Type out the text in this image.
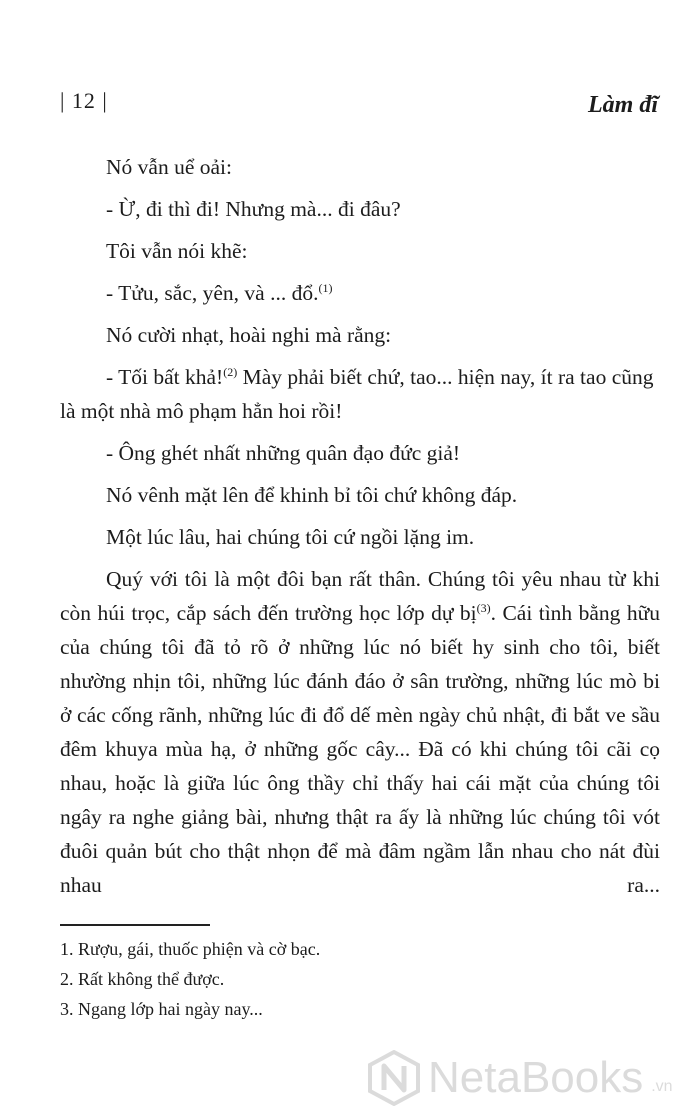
| 12 |	Làm đĩ

Nó vẫn uể oải:

- Ừ, đi thì đi! Nhưng mà... đi đâu?

Tôi vẫn nói khẽ:

- Tửu, sắc, yên, và ... đổ.$^{(1)}$

Nó cười nhạt, hoài nghi mà rằng:

- Tối bất khả!$^{(2)}$ Mày phải biết chứ, tao... hiện nay, ít ra tao cũng là một nhà mô phạm hẳn hoi rồi!

- Ông ghét nhất những quân đạo đức giả!

Nó vênh mặt lên để khinh bỉ tôi chứ không đáp.

Một lúc lâu, hai chúng tôi cứ ngồi lặng im.

Quý với tôi là một đôi bạn rất thân. Chúng tôi yêu nhau từ khi còn húi trọc, cắp sách đến trường học lớp dự bị$^{(3)}$. Cái tình bằng hữu của chúng tôi đã tỏ rõ ở những lúc nó biết hy sinh cho tôi, biết nhường nhịn tôi, những lúc đánh đáo ở sân trường, những lúc mò bi ở các cống rãnh, những lúc đi đổ dế mèn ngày chủ nhật, đi bắt ve sầu đêm khuya mùa hạ, ở những gốc cây... Đã có khi chúng tôi cãi cọ nhau, hoặc là giữa lúc ông thầy chỉ thấy hai cái mặt của chúng tôi ngây ra nghe giảng bài, nhưng thật ra ấy là những lúc chúng tôi vót đuôi quản bút cho thật nhọn để mà đâm ngầm lẫn nhau cho nát đùi nhau ra...

1. Rượu, gái, thuốc phiện và cờ bạc.
2. Rất không thể được.
3. Ngang lớp hai ngày nay...
NetaBooks .vn
